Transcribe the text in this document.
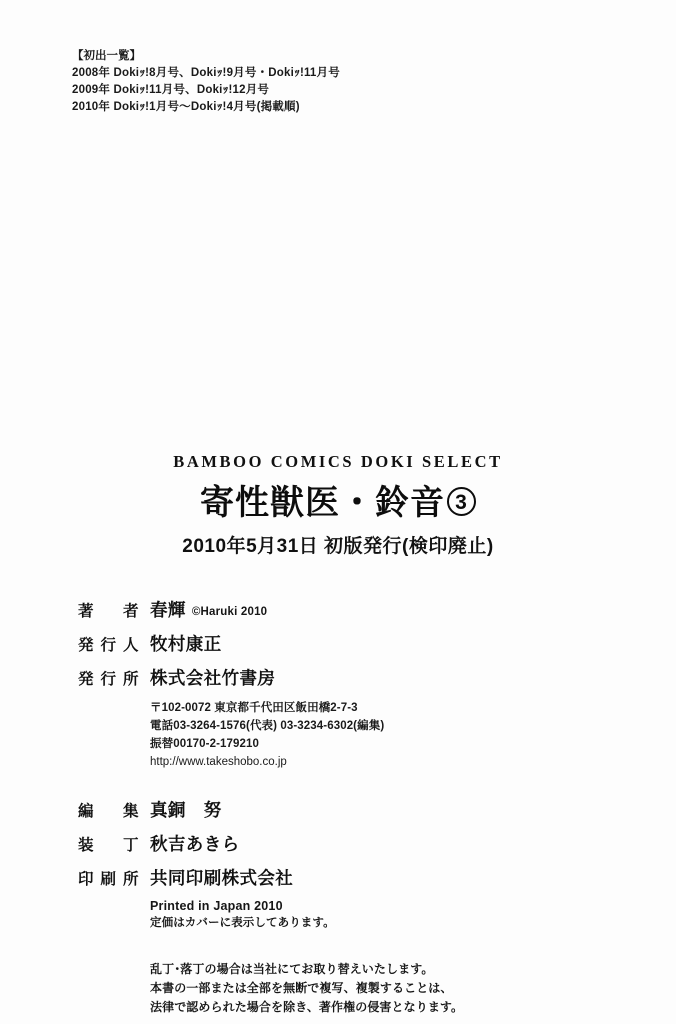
【初出一覧】
2008年 Dokiｯ!8月号、Dokiｯ!9月号・Dokiｯ!11月号
2009年 Dokiｯ!11月号、Dokiｯ!12月号
2010年 Dokiｯ!1月号～Dokiｯ!4月号(掲載順)
BAMBOO COMICS DOKI SELECT
寄性獣医・鈴音 3
2010年5月31日 初版発行(検印廃止)
著　者 春輝 ©Haruki 2010
発行人 牧村康正
発行所 株式会社竹書房
〒102-0072 東京都千代田区飯田橋2-7-3
電話03-3264-1576(代表) 03-3234-6302(編集)
振替00170-2-179210
http://www.takeshobo.co.jp
編　集 真銅　努
装　丁 秋吉あきら
印刷所 共同印刷株式会社
Printed in Japan 2010
定価はカバーに表示してあります。
乱丁･落丁の場合は当社にてお取り替えいたします。
本書の一部または全部を無断で複写、複製することは、
法律で認められた場合を除き、著作権の侵害となります。
